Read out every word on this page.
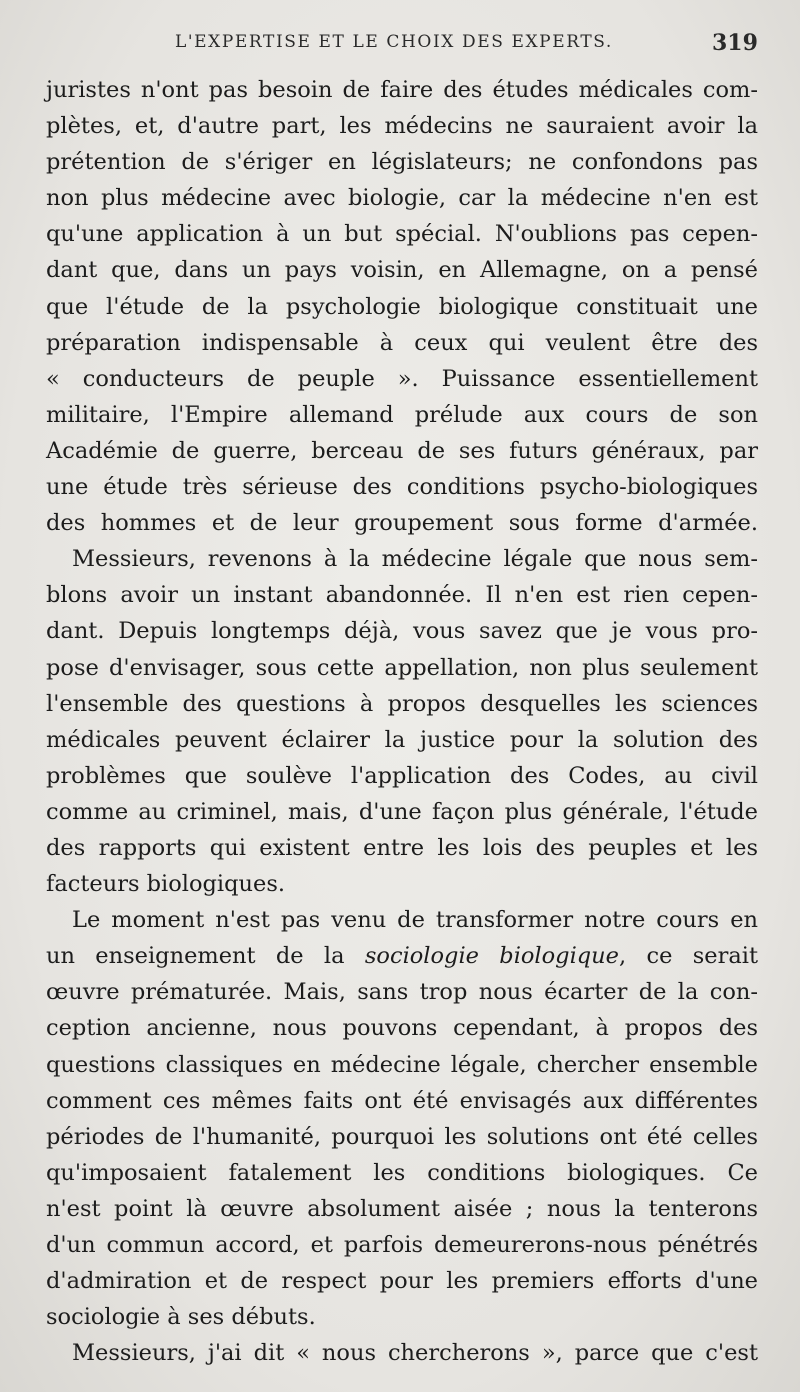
L'EXPERTISE ET LE CHOIX DES EXPERTS.	319
juristes n'ont pas besoin de faire des études médicales com-
plètes, et, d'autre part, les médecins ne sauraient avoir la
prétention de s'ériger en législateurs; ne confondons pas
non plus médecine avec biologie, car la médecine n'en est
qu'une application à un but spécial. N'oublions pas cepen-
dant que, dans un pays voisin, en Allemagne, on a pensé
que l'étude de la psychologie biologique constituait une
préparation indispensable à ceux qui veulent être des
« conducteurs de peuple ». Puissance essentiellement
militaire, l'Empire allemand prélude aux cours de son
Académie de guerre, berceau de ses futurs généraux, par
une étude très sérieuse des conditions psycho-biologiques
des hommes et de leur groupement sous forme d'armée.
Messieurs, revenons à la médecine légale que nous sem-
blons avoir un instant abandonnée. Il n'en est rien cepen-
dant. Depuis longtemps déjà, vous savez que je vous pro-
pose d'envisager, sous cette appellation, non plus seulement
l'ensemble des questions à propos desquelles les sciences
médicales peuvent éclairer la justice pour la solution des
problèmes que soulève l'application des Codes, au civil
comme au criminel, mais, d'une façon plus générale, l'étude
des rapports qui existent entre les lois des peuples et les
facteurs biologiques.
Le moment n'est pas venu de transformer notre cours en
un enseignement de la sociologie biologique, ce serait
œuvre prématurée. Mais, sans trop nous écarter de la con-
ception ancienne, nous pouvons cependant, à propos des
questions classiques en médecine légale, chercher ensemble
comment ces mêmes faits ont été envisagés aux différentes
périodes de l'humanité, pourquoi les solutions ont été celles
qu'imposaient fatalement les conditions biologiques. Ce
n'est point là œuvre absolument aisée ; nous la tenterons
d'un commun accord, et parfois demeurerons-nous pénétrés
d'admiration et de respect pour les premiers efforts d'une
sociologie à ses débuts.
Messieurs, j'ai dit « nous chercherons », parce que c'est
